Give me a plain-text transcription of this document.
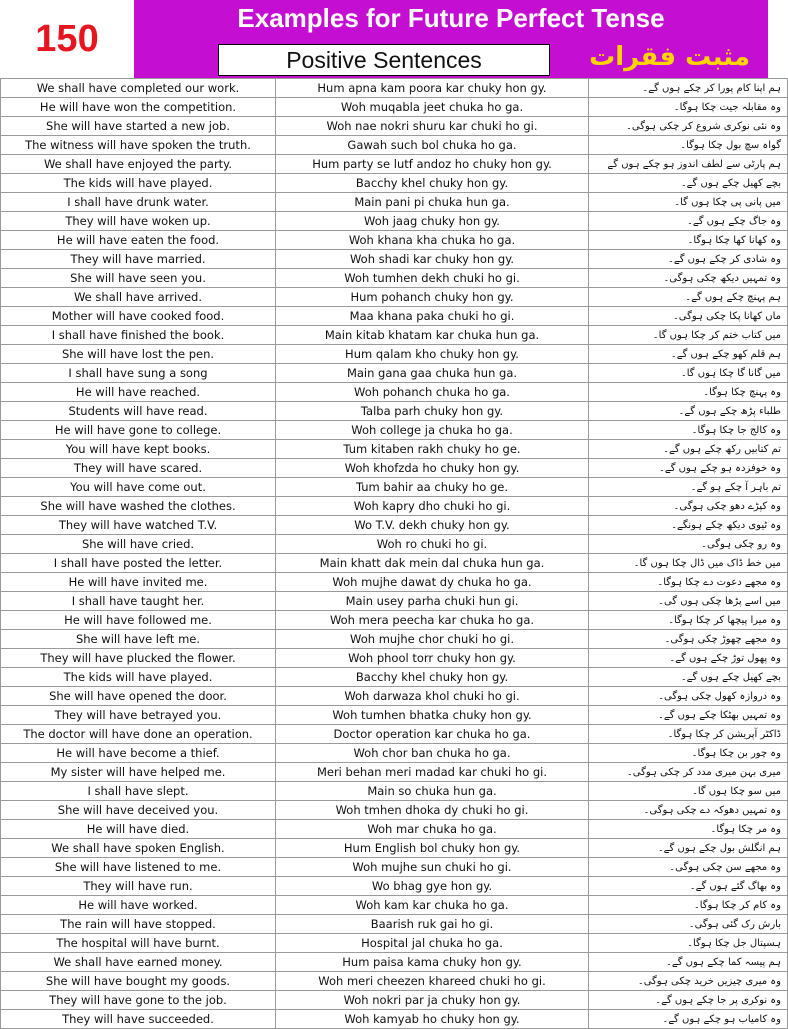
150	Examples for Future Perfect Tense
Positive Sentences	مثبت فقرات
We shall have completed our work.	Hum apna kam poora kar chuky hon gy.	ہم اپنا کام پورا کر چکے ہوں گے۔
He will have won the competition.	Woh muqabla jeet chuka ho ga.	وہ مقابلہ جیت چکا ہوگا۔
She will have started a new job.	Woh nae nokri shuru kar chuki ho gi.	وہ نئی نوکری شروع کر چکی ہوگی۔
The witness will have spoken the truth.	Gawah such bol chuka ho ga.	گواہ سچ بول چکا ہوگا۔
We shall have enjoyed the party.	Hum party se lutf andoz ho chuky hon gy.	ہم پارٹی سے لطف اندوز ہو چکے ہوں گے
The kids will have played.	Bacchy khel chuky hon gy.	بچے کھیل چکے ہوں گے۔
I shall have drunk water.	Main pani pi chuka hun ga.	میں پانی پی چکا ہوں گا۔
They will have woken up.	Woh jaag chuky hon gy.	وہ جاگ چکے ہوں گے۔
He will have eaten the food.	Woh khana kha chuka ho ga.	وہ کھانا کھا چکا ہوگا۔
They will have married.	Woh shadi kar chuky hon gy.	وہ شادی کر چکے ہوں گے۔
She will have seen you.	Woh tumhen dekh chuki ho gi.	وہ تمہیں دیکھ چکی ہوگی۔
We shall have arrived.	Hum pohanch chuky hon gy.	ہم پہنچ چکے ہوں گے۔
Mother will have cooked food.	Maa khana paka chuki ho gi.	ماں کھانا پکا چکی ہوگی۔
I shall have finished the book.	Main kitab khatam kar chuka hun ga.	میں کتاب ختم کر چکا ہوں گا۔
She will have lost the pen.	Hum qalam kho chuky hon gy.	ہم قلم کھو چکے ہوں گے۔
I shall have sung a song	Main gana gaa chuka hun ga.	میں گانا گا چکا ہوں گا۔
He will have reached.	Woh pohanch chuka ho ga.	وہ پہنچ چکا ہوگا۔
Students will have read.	Talba parh chuky hon gy.	طلباء پڑھ چکے ہوں گے۔
He will have gone to college.	Woh college ja chuka ho ga.	وہ کالج جا چکا ہوگا۔
You will have kept books.	Tum kitaben rakh chuky ho ge.	تم کتابیں رکھ چکے ہوں گے۔
They will have scared.	Woh khofzda ho chuky hon gy.	وہ خوفزدہ ہو چکے ہوں گے۔
You will have come out.	Tum bahir aa chuky ho ge.	تم باہر آ چکے ہو گے۔
She will have washed the clothes.	Woh kapry dho chuki ho gi.	وہ کپڑے دھو چکی ہوگی۔
They will have watched T.V.	Wo T.V. dekh chuky hon gy.	وہ ٹیوی دیکھ چکے ہونگے۔
She will have cried.	Woh ro chuki ho gi.	وہ رو چکی ہوگی۔
I shall have posted the letter.	Main khatt dak mein dal chuka hun ga.	میں خط ڈاک میں ڈال چکا ہوں گا۔
He will have invited me.	Woh mujhe dawat dy chuka ho ga.	وہ مجھے دعوت دے چکا ہوگا۔
I shall have taught her.	Main usey parha chuki hun gi.	میں اسے پڑھا چکی ہوں گی۔
He will have followed me.	Woh mera peecha kar chuka ho ga.	وہ میرا پیچھا کر چکا ہوگا۔
She will have left me.	Woh mujhe chor chuki ho gi.	وہ مجھے چھوڑ چکی ہوگی۔
They will have plucked the flower.	Woh phool torr chuky hon gy.	وہ پھول توڑ چکے ہوں گے۔
The kids will have played.	Bacchy khel chuky hon gy.	بچے کھیل چکے ہوں گے۔
She will have opened the door.	Woh darwaza khol chuki ho gi.	وہ دروازہ کھول چکی ہوگی۔
They will have betrayed you.	Woh tumhen bhatka chuky hon gy.	وہ تمہیں بھٹکا چکے ہوں گے۔
The doctor will have done an operation.	Doctor operation kar chuka ho ga.	ڈاکٹر آپریشن کر چکا ہوگا۔
He will have become a thief.	Woh chor ban chuka ho ga.	وہ چور بن چکا ہوگا۔
My sister will have helped me.	Meri behan meri madad kar chuki ho gi.	میری بہن میری مدد کر چکی ہوگی۔
I shall have slept.	Main so chuka hun ga.	میں سو چکا ہوں گا۔
She will have deceived you.	Woh tmhen dhoka dy chuki ho gi.	وہ تمہیں دھوکہ دے چکی ہوگی۔
He will have died.	Woh mar chuka ho ga.	وہ مر چکا ہوگا۔
We shall have spoken English.	Hum English bol chuky hon gy.	ہم انگلش بول چکے ہوں گے۔
She will have listened to me.	Woh mujhe sun chuki ho gi.	وہ مجھے سن چکی ہوگی۔
They will have run.	Wo bhag gye hon gy.	وہ بھاگ گئے ہوں گے۔
He will have worked.	Woh kam kar chuka ho ga.	وہ کام کر چکا ہوگا۔
The rain will have stopped.	Baarish ruk gai ho gi.	بارش رک گئی ہوگی۔
The hospital will have burnt.	Hospital jal chuka ho ga.	ہسپتال جل چکا ہوگا۔
We shall have earned money.	Hum paisa kama chuky hon gy.	ہم پیسہ کما چکے ہوں گے۔
She will have bought my goods.	Woh meri cheezen khareed chuki ho gi.	وہ میری چیزیں خرید چکی ہوگی۔
They will have gone to the job.	Woh nokri par ja chuky hon gy.	وہ نوکری پر جا چکے ہوں گے۔
They will have succeeded.	Woh kamyab ho chuky hon gy.	وہ کامیاب ہو چکے ہوں گے۔
